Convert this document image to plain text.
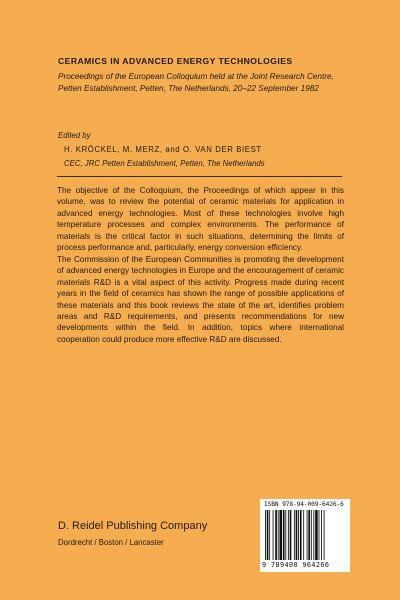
CERAMICS IN ADVANCED ENERGY TECHNOLOGIES

Proceedings of the European Colloquium held at the Joint Research Centre, Petten Establishment, Petten, The Netherlands, 20–22 September 1982

Edited by
H. KRÖCKEL, M. MERZ, and O. VAN DER BIEST
CEC, JRC Petten Establishment, Petten, The Netherlands

The objective of the Colloquium, the Proceedings of which appear in this volume, was to review the potential of ceramic materials for application in advanced energy technologies. Most of these technologies involve high temperature processes and complex environments. The performance of materials is the critical factor in such situations, determining the limits of process performance and, particularly, energy conversion efficiency.

The Commission of the European Communities is promoting the development of advanced energy technologies in Europe and the encouragement of ceramic materials R&D is a vital aspect of this activity. Progress made during recent years in the field of ceramics has shown the range of possible applications of these materials and this book reviews the state of the art, identifies problem areas and R&D requirements, and presents recommendations for new developments within the field. In addition, topics where international cooperation could produce more effective R&D are discussed.

D. Reidel Publishing Company
Dordrecht / Boston / Lancaster
ISBN 978-94-009-6426-6
9 789400 964266
